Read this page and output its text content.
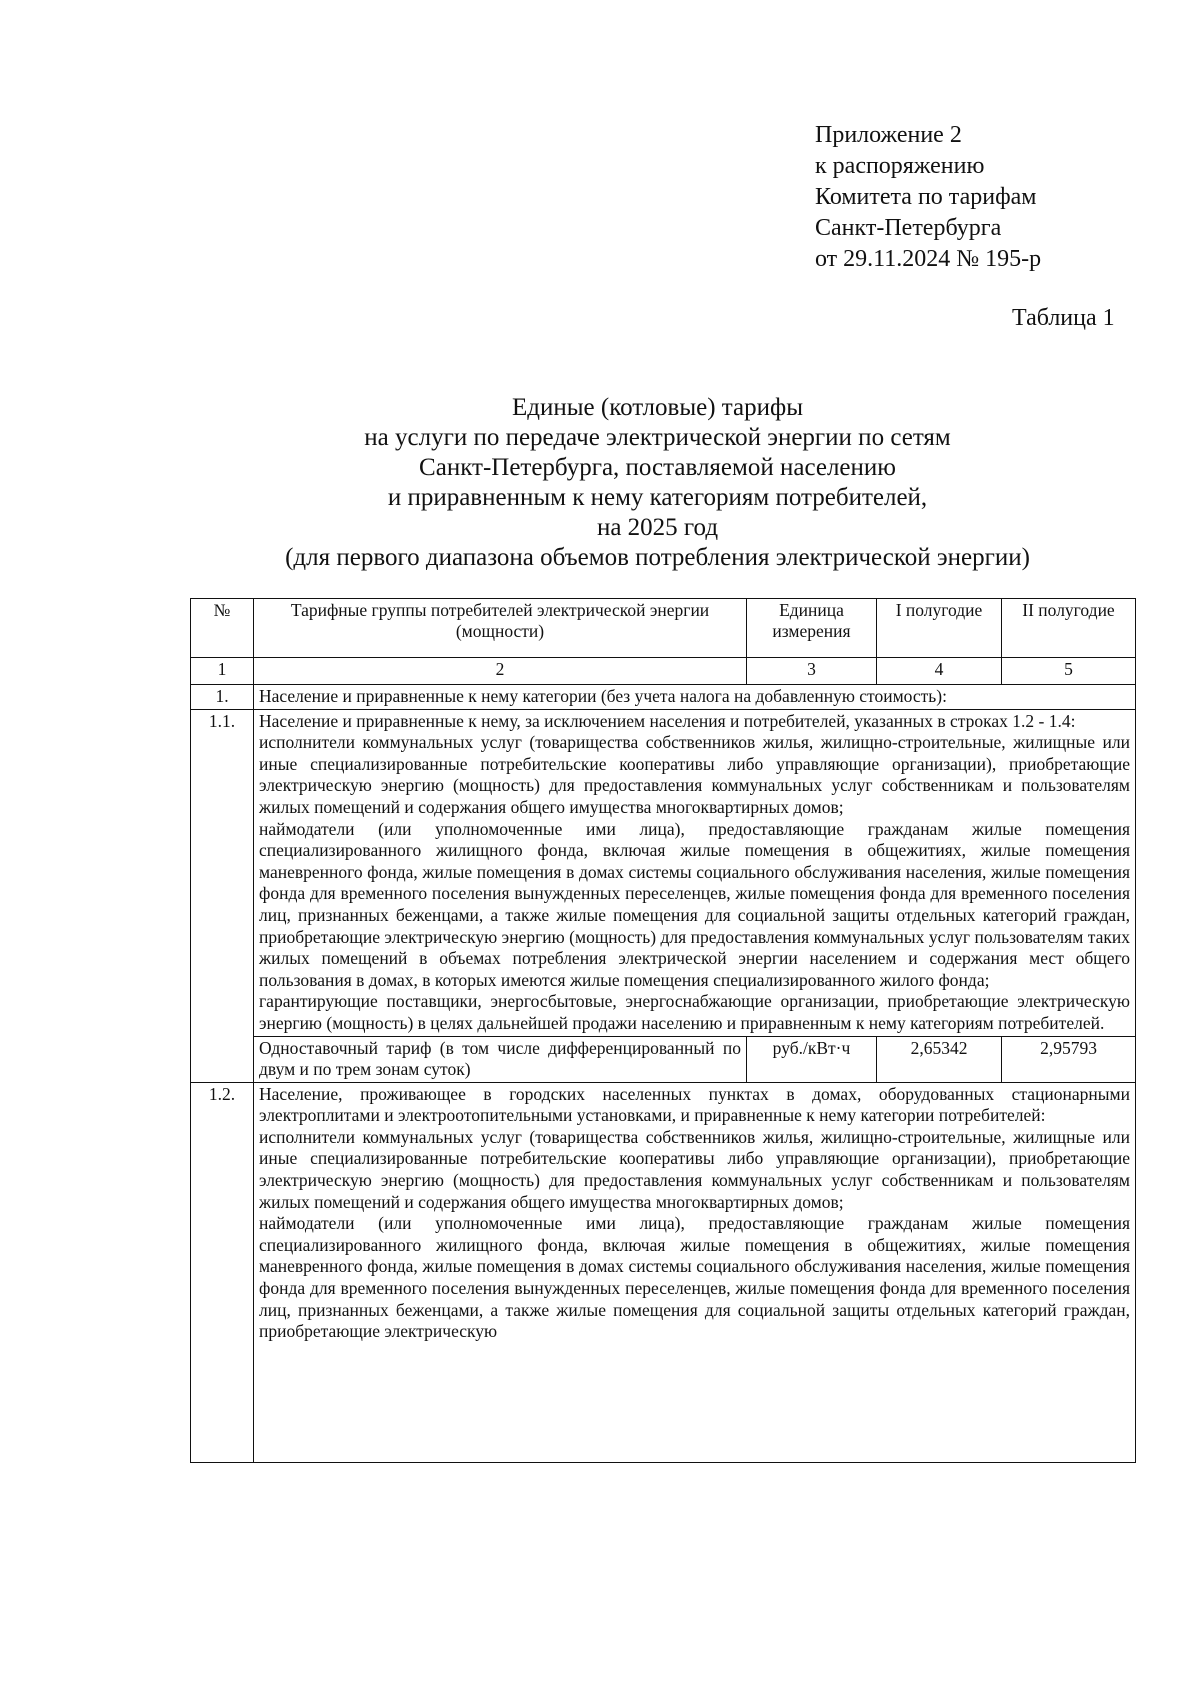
Приложение 2
к распоряжению
Комитета по тарифам
Санкт-Петербурга
от 29.11.2024 № 195-р
Таблица 1
Единые (котловые) тарифы
на услуги по передаче электрической энергии по сетям
Санкт-Петербурга, поставляемой населению
и приравненным к нему категориям потребителей,
на 2025 год
(для первого диапазона объемов потребления электрической энергии)
№	Тарифные группы потребителей электрической энергии (мощности)	Единица измерения	I полугодие	II полугодие
1	2	3	4	5
1.	Население и приравненные к нему категории (без учета налога на добавленную стоимость):			
1.1.	Население и приравненные к нему, за исключением населения и потребителей, указанных в строках 1.2 - 1.4:
исполнители коммунальных услуг (товарищества собственников жилья, жилищно-строительные, жилищные или иные специализированные потребительские кооперативы либо управляющие организации), приобретающие электрическую энергию (мощность) для предоставления коммунальных услуг собственникам и пользователям жилых помещений и содержания общего имущества многоквартирных домов;
наймодатели (или уполномоченные ими лица), предоставляющие гражданам жилые помещения специализированного жилищного фонда, включая жилые помещения в общежитиях, жилые помещения маневренного фонда, жилые помещения в домах системы социального обслуживания населения, жилые помещения фонда для временного поселения вынужденных переселенцев, жилые помещения фонда для временного поселения лиц, признанных беженцами, а также жилые помещения для социальной защиты отдельных категорий граждан, приобретающие электрическую энергию (мощность) для предоставления коммунальных услуг пользователям таких жилых помещений в объемах потребления электрической энергии населением и содержания мест общего пользования в домах, в которых имеются жилые помещения специализированного жилого фонда;
гарантирующие поставщики, энергосбытовые, энергоснабжающие организации, приобретающие электрическую энергию (мощность) в целях дальнейшей продажи населению и приравненным к нему категориям потребителей.			

	Одноставочный тариф (в том числе дифференцированный по двум и по трем зонам суток)	руб./кВт·ч	2,65342	2,95793
1.2.	Население, проживающее в городских населенных пунктах в домах, оборудованных стационарными электроплитами и электроотопительными установками, и приравненные к нему категории потребителей:
исполнители коммунальных услуг (товарищества собственников жилья, жилищно-строительные, жилищные или иные специализированные потребительские кооперативы либо управляющие организации), приобретающие электрическую энергию (мощность) для предоставления коммунальных услуг собственникам и пользователям жилых помещений и содержания общего имущества многоквартирных домов;
наймодатели (или уполномоченные ими лица), предоставляющие гражданам жилые помещения специализированного жилищного фонда, включая жилые помещения в общежитиях, жилые помещения маневренного фонда, жилые помещения в домах системы социального обслуживания населения, жилые помещения фонда для временного поселения вынужденных переселенцев, жилые помещения фонда для временного поселения лиц, признанных беженцами, а также жилые помещения для социальной защиты отдельных категорий граждан, приобретающие электрическую			
